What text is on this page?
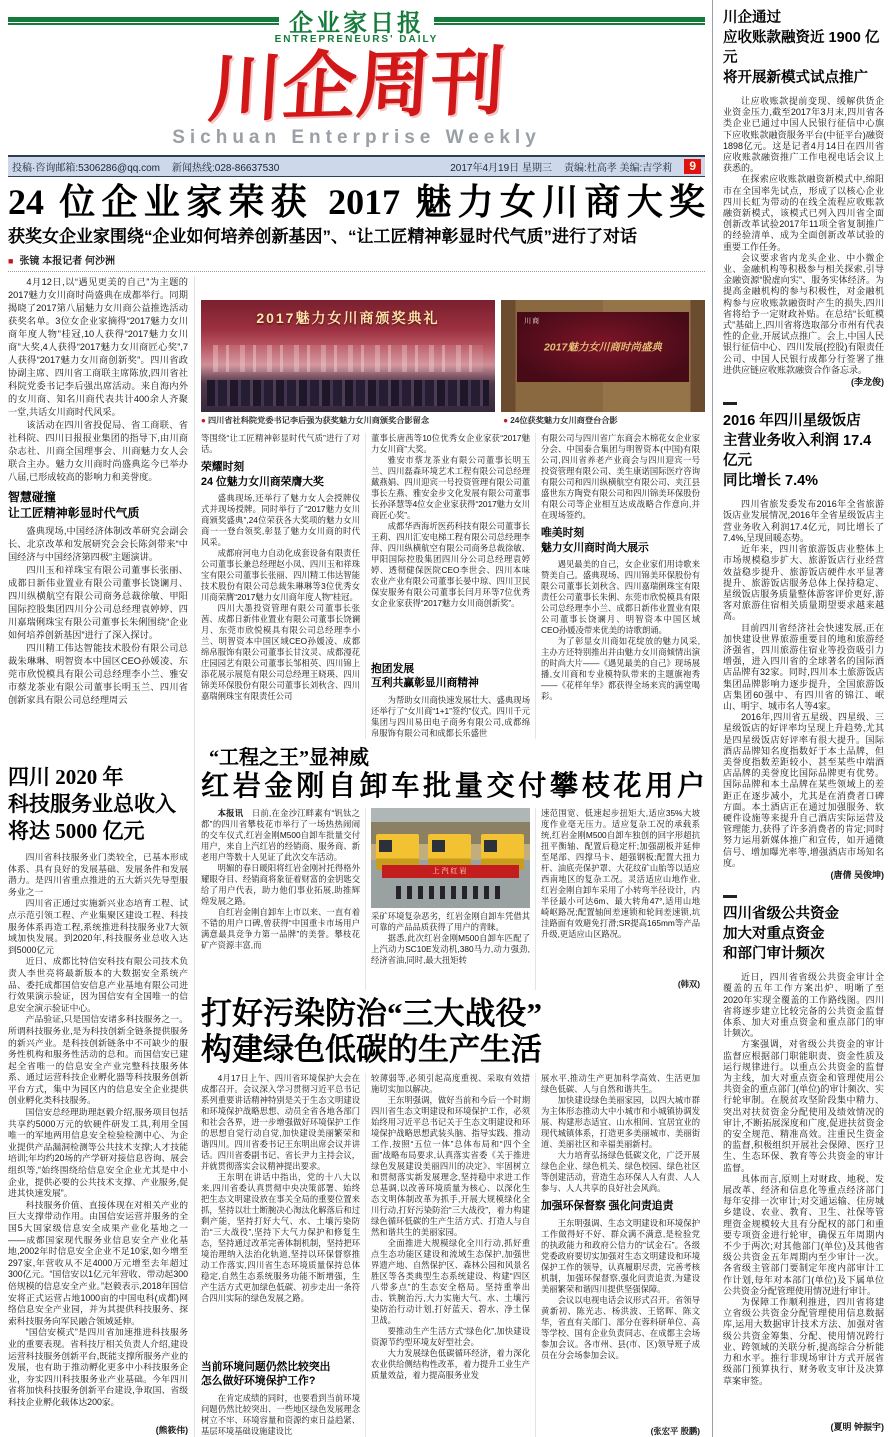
企业家日报
ENTREPRENEURS' DAILY
川企周刊
Sichuan Enterprise Weekly
投稿·咨询邮箱:5306286@qq.com 新闻热线:028-86637530	2017年4月19日 星期三 责编:杜高孝 美编:吉学莉	9
24 位企业家荣获 2017 魅力女川商大奖
获奖女企业家围绕“企业如何培养创新基因”、“让工匠精神彰显时代气质”进行了对话
■ 张镜 本报记者 何沙洲

4月12日,以“遇见更美的自己”为主题的2017魅力女川商时尚盛典在成都举行。同期揭晓了2017第八届魅力女川商公益推选活动获奖名单。3位女企业家摘得“2017魅力女川商年度人物”桂冠,10人获得“2017魅力女川商”大奖,4人获得“2017魅力女川商匠心奖”,7人获得“2017魅力女川商创新奖”。四川省政协副主席、四川省工商联主席陈放,四川省社科院党委书记李后强出席活动。来自海内外的女川商、知名川商代表共计400余人齐聚一堂,共话女川商时代风采。

该活动在四川省投促局、省工商联、省社科院、四川日报报业集团的指导下,由川商杂志社、川商全国理事会、川商魅力女人会联合主办。魅力女川商时尚盛典迄今已举办八届,已形成较高的影响力和美誉度。

智慧碰撞
让工匠精神彰显时代气质

盛典现场,中国经济体制改革研究会副会长、北京改革和发展研究会会长陈剑带来“中国经济与中国经济第四极”主题演讲。

四川玉和祥珠宝有限公司董事长张丽、成都日新伟业置业有限公司董事长饶谰月、四川纵横航空有限公司商务总裁徐敏、甲阳国际控股集团四川分公司总经理袁婷婷、四川嘉瑞俐珠宝有限公司董事长朱俐围绕“企业如何培养创新基因”进行了深入探讨。

四川精工伟达智能技术股份有限公司总裁朱琳琳、明智资本中国区CEO孙媛凌、东莞市欣悦模具有限公司总经理李小兰、雅安市蔡龙茶业有限公司董事长明玉兰、四川省创新家具有限公司总经理周云

四川 2020 年
科技服务业总收入
将达 5000 亿元

四川省科技服务业门类较全，已基本形成体系、具有良好的发展基础、发展条件和发展潜力。是四川省重点推进的五大新兴先导型服务业之一

四川省正通过实施新兴业态培育工程、试点示范引领工程、产业集聚区建设工程、科技服务体系再造工程,系统推进科技服务业7大领域加快发展。到2020年,科技服务业总收入达到5000亿元

近日、成都比特信安科技有限公司技术负责人李世亮将最新版本的大数据安全系统产品、委托成都国信安信息产业基地有限公司进行效果演示验证，因为国信安有全国唯一的信息安全演示验证中心。

产品验证,只是国信安诸多科技服务之一。所谓科技服务业,是为科技创新全链条提供服务的新兴产业。是科技创新链条中不可缺少的服务性机构和服务性活动的总和。而国信安已建起全省唯一的信息安全产业完整科技服务体系、通过运营科技企业孵化器等科技服务创新平台方式，集中为园区内的信息安全企业提供创业孵化类科技服务。

国信安总经理助理赵毅介绍,服务项目包括共享约5000万元的软硬件研发工具,利用全国唯一的军地两用信息安全检验检测中心、为企业提供产品漏洞检测等公共技术支撑;人才技能培训;年均约20场的产学研对接信息咨询、展会组织等,“始终围绕给信息安全企业尤其是中小企业，提供必要的公共技术支撑、产业服务,促进其快速发展”。

科技服务价值、直接体现在对相关产业的巨大支撑带动作用。由国信安运营并服务的全国5大国家级信息安全成果产业化基地之一——成都国家现代服务业信息安全产业化基地,2002年时信息安全企业不足10家,如今增至297家,年营收从不足4000万元增至去年超过300亿元。“国信安以1亿元年营收、带动起300倍规模的信息安全产业。”赵毅表示,2018年国信安将正式运营占地1000亩的中国电科(成都)网络信息安全产业园，并为其提供科技服务、探索科技服务向军民融合领域延伸。

“国信安模式”是四川省加速推进科技服务业的重要表现。省科技厅相关负责人介绍,建设运营科技服务创新平台,既能支撑所服务产业的发展，也有助于推动孵化更多中小科技服务企业，夯实四川科技服务业产业基础。今年四川省将加快科技服务创新平台建设,争取国、省级科技企业孵化载体达200家。

(熊筱伟)

2017魅力女川商颁奖典礼	川商
2017魅力女川商时尚盛典
● 四川省社科院党委书记李后强为获奖魅力女川商颁奖合影留念	● 24位获奖魅力女川商登台合影

等围绕“让工匠精神彰显时代气质”进行了对话。

荣耀时刻
24 位魅力女川商荣膺大奖

盛典现场,还举行了魅力女人会授牌仪式并现场授牌。同时举行了“2017魅力女川商颁奖盛典”,24位荣获各大奖项的魅力女川商一一登台领奖,彰显了魅力女川商的时代风采。

成都府河电力自动化成套设备有限责任公司董事长兼总经理赵小凤、四川玉和祥珠宝有限公司董事长张丽、四川精工伟达智能技术股份有限公司总裁朱琳琳等3位优秀女川商荣膺“2017魅力女川商年度人物”桂冠。

四川大墨投资管理有限公司董事长张茜、成都日新伟业置业有限公司董事长饶谰月、东莞市欣悦模具有限公司总经理李小兰、明智资本中国区域CEO孙媛凌、成都绵帛服饰有限公司董事长甘汶灵、成都漫花庄园园艺有限公司董事长邹相英、四川锦上添花展示展览有限公司总经理王晓瑛、四川锦美环保股份有限公司董事长刘秋含、四川嘉瑞俐珠宝有限责任公司

董事长唐茜等10位优秀女企业家获“2017魅力女川商”大奖。

雅安市蔡龙茶业有限公司董事长明玉兰、四川磊森环境艺术工程有限公司总经理戴燕娟、四川迎宾一号投资管理有限公司董事长左燕、雅安金步文化发展有限公司董事长孙泽慧等4位女企业家获得“2017魅力女川商匠心奖”。

成都华西海圻医药科技有限公司董事长王莉、四川汇安电梯工程有限公司总经理李萍、四川纵横航空有限公司商务总裁徐敏、甲阳国际控股集团四川分公司总经理袁婷婷、透彻健保医院CEO李世会、四川本味农业产业有限公司董事长晏中琼、四川卫民保安服务有限公司董事长闫月环等7位优秀女企业家获得“2017魅力女川商创新奖”。

抱团发展
互利共赢彰显川商精神

为帮助女川商快速发展壮大、盛典现场还举行了“女川商“1+1”签约”仪式。四川千元集团与四川易田电子商务有限公司,成都绵帛服饰有限公司和成都长乐盛世

有限公司与四川省广东商会木棉花女企业家分会、中国泰合集团与明智资本(中国)有限公司,四川省养老产业商会与四川迎宾一号投资管理有限公司、美生康诺国际医疗咨询有限公司和四川纵横航空有限公司、夹江县盛世东方陶瓷有限公司和四川锦美环保股份有限公司等企业相互达成战略合作意向,并在现场签约。

唯美时刻
魅力女川商时尚大展示

遇见最美的自己，女企业家们用诗歌来赞美自己。盛典现场、四川锦美环保股份有限公司董事长刘秋含、四川嘉瑞俐珠宝有限责任公司董事长朱俐、东莞市欣悦模具有限公司总经理李小兰、成都日新伟业置业有限公司董事长饶谰月、明智资本中国区域CEO孙媛凌带来优美的诗歌朗诵。

为了彰显女川商如花绽放的魅力风采,主办方还特别推出并由魅力女川商倾情出演的时尚大片——《遇见最美的自己》现场展播,女川商和专业模特队带来的主题旗袍秀——《花样年华》都获得全场来宾的满堂喝彩。

“工程之王”显神威
红岩金刚自卸车批量交付攀枝花用户

本报讯　 日前,在金沙江畔素有“钒钛之都”的四川省攀枝花市举行了一场热热闹闹的交车仪式,红岩金刚M500自卸车批量交付用户，来自上汽红岩的经销商、服务商、新老用户等数十人见证了此次交车活动。

明媚的春日暖阳将红岩金刚衬托得格外耀眼夺目、经销商将象征着财富的金钥匙交给了用户代表，助力他们事业拓展,助推辉煌发展之路。

自红岩金刚自卸车上市以来、一直有着不错的用户口碑,曾获得“中国重卡市场用户满意最具竞争力第一品牌”的美誉。攀枝花矿产资源丰富,而

上汽红岩

采矿环境复杂恶劣，红岩金刚自卸车凭借其可靠的产品品质获得了用户的青睐。

据悉,此次红岩金刚M500自卸车匹配了上汽动力SC10E发动机,380马力,动力强劲,经济省油,同时,最大扭矩转

速范围宽、低速起步扭矩大,适应35%大坡度作业毫无压力。适应复杂工况的承载系统,红岩金刚M500自卸车独创的回字形超抗扭平衡轴、配置后稳定杆;加强副板并延伸至尾部、四撑马卡、超强钢板;配置大扭力杆、油底壳保护罩、大花纹矿山胎等以适应西南地区的复杂工况。灵活适应山地作业,红岩金刚自卸车采用了小转弯半径设计，内半径最小可达6m、最大转角47°,适用山地崎岖路况;配置轴间差速锁和轮间差速锁,坑洼路面有效避免打滑;SR提高165mm等产品升级,更适应山区路况。

(韩双)

打好污染防治“三大战役”
构建绿色低碳的生产生活

4月17日上午、四川省环境保护大会在成都召开。会议深入学习贯彻习近平总书记系列重要讲话精神特别是关于生态文明建设和环境保护战略思想、动员全省各地各部门和社会各界，进一步增强做好环境保护工作的思想自觉行动自觉,加快建设美丽繁荣和谐四川。四川省委书记王东明出席会议并讲话。四川省委副书记、省长尹力主持会议，并就贯彻落实会议精神提出要求。

王东明在讲话中指出，党的十八大以来,四川省委认真贯彻中央决策部署、始终把生态文明建设放在事关全局的重要位置来抓，坚持以壮士断腕决心淘汰化解落后和过剩产能，坚持打好大气、水、土壤污染防治“三大战役”,坚持下大气力保护和修复生态，坚持通过改革完善体制机制，坚持把环境治理纳入法治化轨道,坚持以环保督察推动工作落实,四川省生态环境质量保持总体稳定,自然生态系统服务功能不断增强，生产生活方式更加绿色低碳、初步走出一条符合四川实际的绿色发展之路。

当前环境问题仍然比较突出
怎么做好环境保护工作?

在肯定成绩的同时，也要看到当前环境问题仍然比较突出、一些地区绿色发展理念树立不牢、环境容量和资源约束日益趋紧、基层环境基础设施建设比

较薄弱等,必须引起高度重视、采取有效措施切实加以解决。

王东明强调，做好当前和今后一个时期四川省生态文明建设和环境保护工作，必须始终用习近平总书记关于生态文明建设和环境保护战略思想武装头脑、指导实践、推动工作,按照“五位一体”总体布局和“四个全面”战略布局要求,认真落实省委《关于推进绿色发展建设美丽四川的决定》、牢固树立和贯彻落实新发展理念,坚持稳中求进工作总基调,以改善环境质量为核心、以深化生态文明体制改革为抓手,开展大规模绿化全川行动,打好污染防治“三大战役”，着力构建绿色循环低碳的生产生活方式、打造人与自然和谐共生的美丽家园。

全面推进大规模绿化全川行动,抓好重点生态功能区建设和流域生态保护,加强世界遗产地、自然保护区、森林公园和风景名胜区等各类典型生态系统建设、构建“四区八带多点”的生态安全格局。坚持重拳出击、铁腕治污,大力实施大气、水、土壤污染防治行动计划,打好蓝天、碧水、净土保卫战。

要推动生产生活方式“绿色化”,加快建设资源节约型环境友好型社会。

大力发展绿色低碳循环经济，着力深化农业供给侧结构性改革，着力提升工业生产质量效益，着力提高服务业发

展水平,推动生产更加科学高效、生活更加绿色低碳、人与自然和谐共生。

加快建设绿色美丽家园，以四大城市群为主体形态推动大中小城市和小城镇协调发展、构建形态适宜、山水相间、宜居宜业的现代城镇体系，打造更多美丽城市、美丽街道、美丽社区和幸福美丽新村。

大力培育弘扬绿色低碳文化，广泛开展绿色企业、绿色机关、绿色校园、绿色社区等创建活动，营造生态环保人人有责、人人参与、人人共享的良好社会风尚。

加强环保督察 强化问责追责

王东明强调、生态文明建设和环境保护工作做得好不好、群众满不满意,是检验党的执政能力和政府公信力的“试金石”。各级党委政府要切实加强对生态文明建设和环境保护工作的领导，认真履职尽责，完善考核机制，加强环保督察,强化问责追责,为建设美丽繁荣和谐四川提供坚强保障。

会议以电视电话会议形式召开。省领导黄新初、陈光志、杨洪波、王铭晖、陈文华，省直有关部门、部分在蓉科研单位、高等学校、国有企业负责同志、在成都主会场参加会议。各市州、县(市、区)领导班子成员在分会场参加会议。

(张宏平 殷鹏)

川企通过
应收账款融资近 1900 亿元
将开展新模式试点推广

让应收账款提前变现、缓解供货企业资金压力,截至2017年3月末,四川省各类企业已通过中国人民银行征信中心旗下应收账款融资服务平台(中征平台)融资1898亿元。这是记者4月14日在四川省应收账款融资推广工作电视电话会议上获悉的。

在探索应收账款融资新模式中,绵阳市在全国率先试点，形成了以核心企业四川长虹为带动的在线全流程应收账款融资新模式，该模式已列入四川省全面创新改革试验2017年11项全省复制推广的经验清单、成为全面创新改革试验的重要工作任务。

会议要求省内龙头企业、中小微企业、金融机构等积极参与相关探索,引导金融资源“脱虚向实”、服务实体经济。为提高金融机构的参与积极性，对金融机构参与应收账款融资时产生的损失,四川省将给予一定财政补贴。在总结“长虹模式”基础上,四川省将选取部分市州有代表性的企业,开展试点推广。会上,中国人民银行征信中心、四川发展(控股)有限责任公司、中国人民银行成都分行签署了推进供应链应收账款融资合作备忘录。

(李龙俊)

2016 年四川星级饭店
主营业务收入利润 17.4 亿元
同比增长 7.4%

四川省旅发委发布2016年全省旅游饭店业发展情况,2016年全省星级饭店主营业务收入利润17.4亿元，同比增长了7.4%,呈现回暖态势。

近年来，四川省旅游饭店业整体上市场规模稳步扩大、旅游饭店行业经营效益稳步提升、旅游饭店硬件水平显著提升、旅游饭店服务总体上保持稳定、星级饭店服务质量整体游客评价更好,游客对旅游住宿相关质量期望要求越来越高。

目前四川省经济社会快速发展,正在加快建设世界旅游重要目的地和旅游经济强省，四川旅游住宿业等投资吸引力增强，进入四川省的全球著名的国际酒店品牌有32家。同时,四川本土旅游饭店集团品牌影响力逐步提升，全国旅游饭店集团60强中、有四川省的锦江、岷山、明宇、城市名人等4家。

2016年,四川省五星级、四星级、三星级饭店的好评率均呈现上升趋势,尤其是四星级饭店好评率有很大提升。国际酒店品牌知名度指数好于本土品牌，但美誉度指数差距较小、甚至某些中端酒店品牌的美誉度比国际品牌更有优势。国际品牌和本土品牌在某些领域上的差距正在逐步减小，尤其是在消费者口碑方面。本土酒店正在通过加强服务、软硬件设施等来提升自己酒店实际运营及管理能力,获得了许多消费者的肯定;同时努力运用新媒体推广和宣传，如开通微信号、增加曝光率等,增强酒店市场知名度。

(唐倩 吴俊坤)

四川省级公共资金
加大对重点资金
和部门审计频次

近日，四川省省级公共资金审计全覆盖的五年工作方案出炉、明晰了至2020年实现全覆盖的工作路线图。四川省将逐步建立比较完备的公共资金监督体系、加大对重点资金和重点部门的审计频次。

方案强调，对省级公共资金的审计监督应根据部门职能职责、资金性质及运行规律进行。以重点公共资金的监督为主线，加大对重点资金和管理使用公共资金的重点部门(单位)的审计频次、实行轮审制。在脱贫攻坚阶段集中精力、突出对扶贫资金分配使用及绩效情况的审计,不断拓展深度和广度,促进扶贫资金的安全规范、精准高效。注重民生资金的监督,积极组织开展社会保障、医疗卫生、生态环保、教育等公共资金的审计监督。

具体而言,原则上对财政、地税、发展改革、经济和信息化等重点经济部门每年安排一次审计;对交通运输、住房城乡建设、农业、教育、卫生、社保等管理资金规模较大且有分配权的部门和重要专项资金进行轮审，确保五年周期内不少于两次;对其他部门(单位)及其他省级公共资金五年周期内至少审计一次。各省级主管部门要制定年度内部审计工作计划,每年对本部门(单位)及下属单位公共资金分配管理使用情况进行审计。

为保障工作顺利推进，四川省将建立省级公共资金分配管理使用信息数据库,运用大数据审计技术方法、加强对省级公共资金筹集、分配、使用情况跨行业、跨领域的关联分析,提高综合分析能力和水平。推行非现场审计方式开展省级部门预算执行、财务收支审计及决算草案审签。

(夏明 钟振宇)
